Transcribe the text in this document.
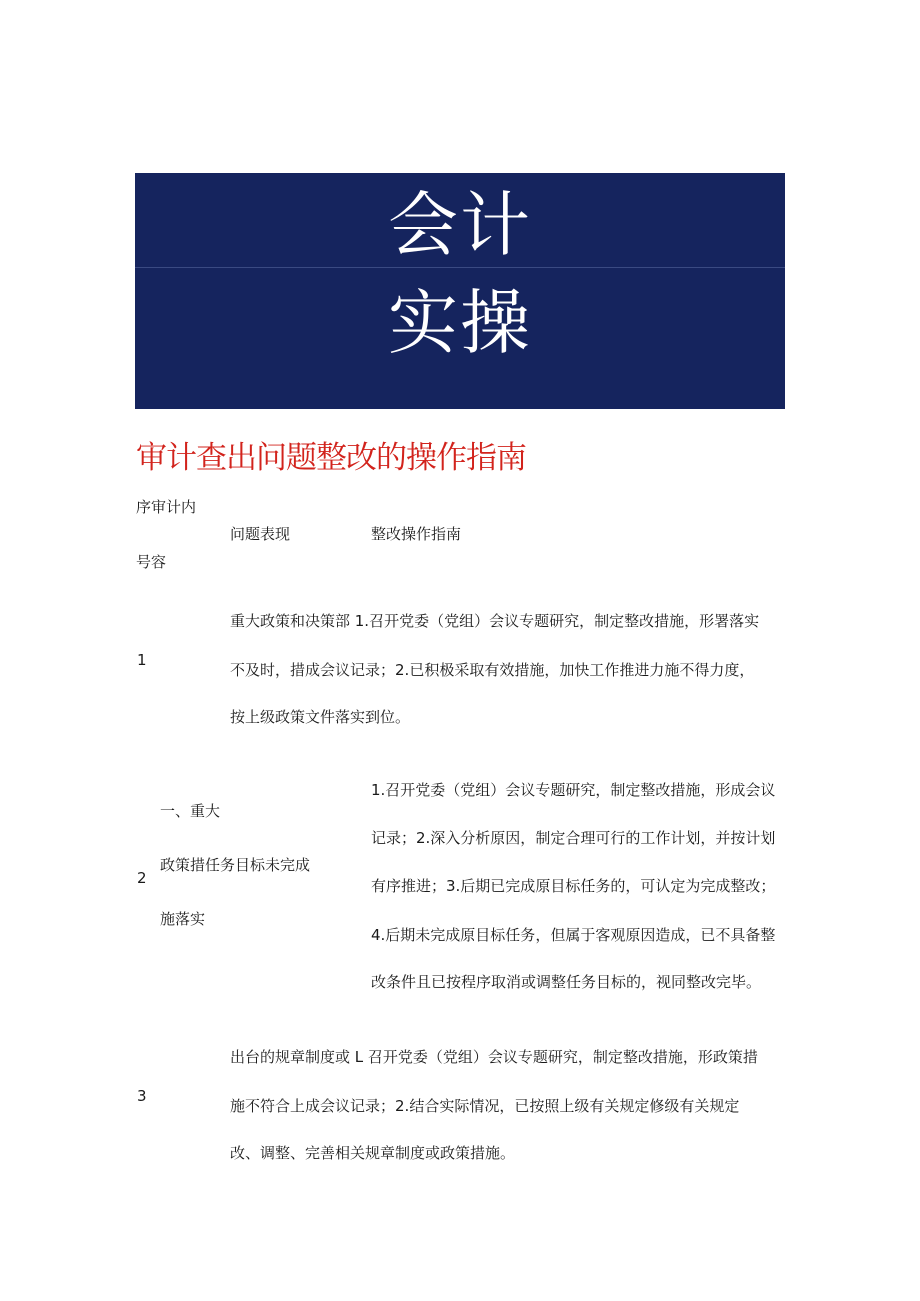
会计
实操
审计查出问题整改的操作指南
序审计内
号容
问题表现	整改操作指南
1
重大政策和决策部 1.召开党委（党组）会议专题研究，制定整改措施，形署落实
不及时，措成会议记录；2.已积极采取有效措施，加快工作推进力施不得力度，
按上级政策文件落实到位。
2
一、重大
政策措任务目标未完成
施落实
1.召开党委（党组）会议专题研究，制定整改措施，形成会议
记录；2.深入分析原因，制定合理可行的工作计划，并按计划
有序推进；3.后期已完成原目标任务的，可认定为完成整改；
4.后期未完成原目标任务，但属于客观原因造成，已不具备整
改条件且已按程序取消或调整任务目标的，视同整改完毕。
3
出台的规章制度或 L 召开党委（党组）会议专题研究，制定整改措施，形政策措
施不符合上成会议记录；2.结合实际情况，已按照上级有关规定修级有关规定
改、调整、完善相关规章制度或政策措施。
